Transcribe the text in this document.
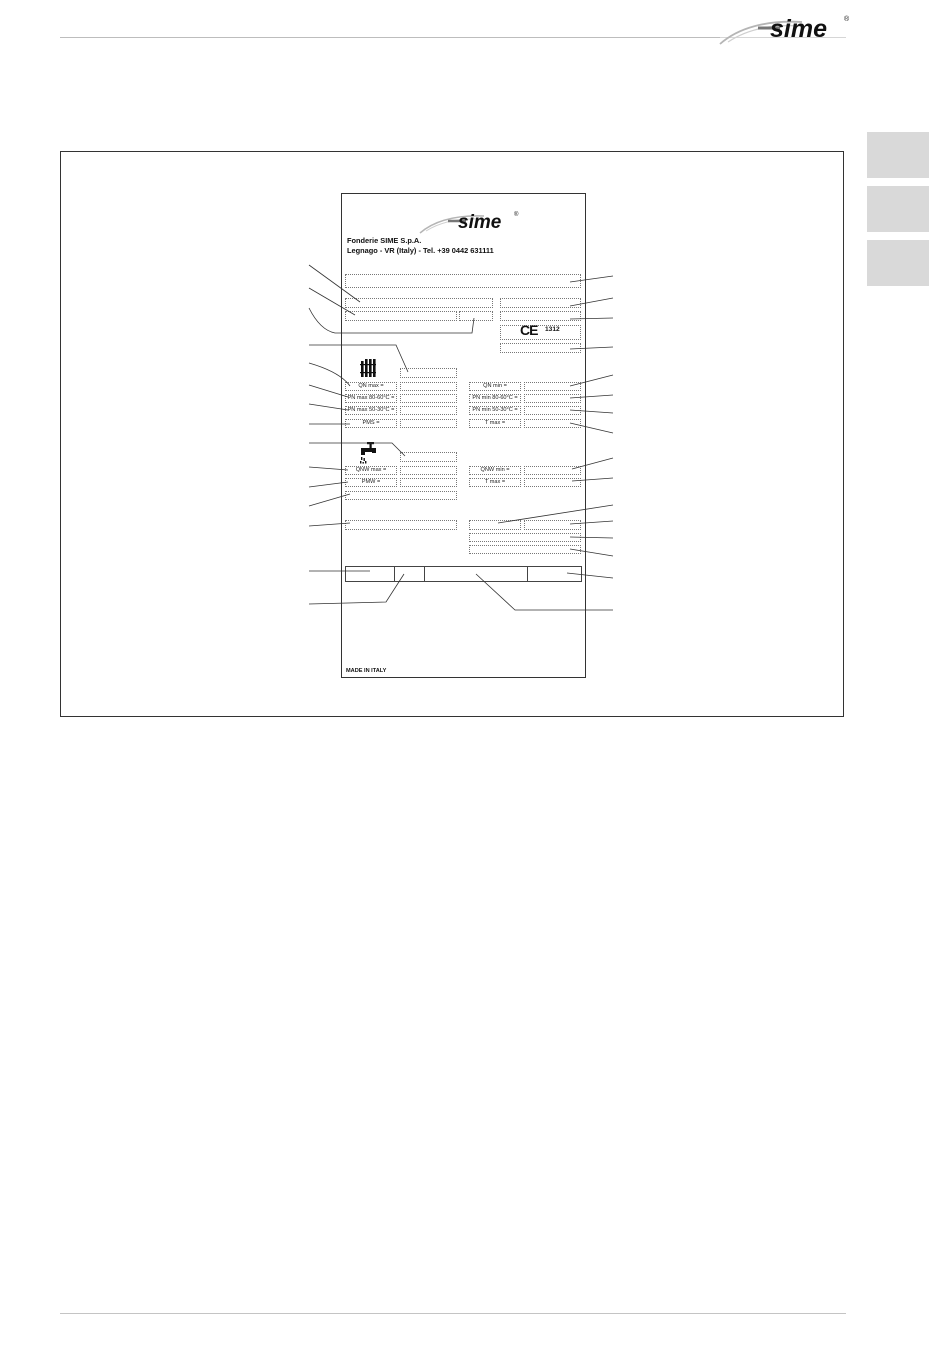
sime ®
sime ®
Fonderie SIME S.p.A.
Legnago - VR (Italy) - Tel. +39 0442 631111
CE 1312
QN max =	QN min =
PN max 80-60°C =	PN min 80-60°C =
PN max 50-30°C =	PN min 50-30°C =
PMS =	T max =
QNW max =	QNW min =
PMW =	T max =
MADE IN ITALY
